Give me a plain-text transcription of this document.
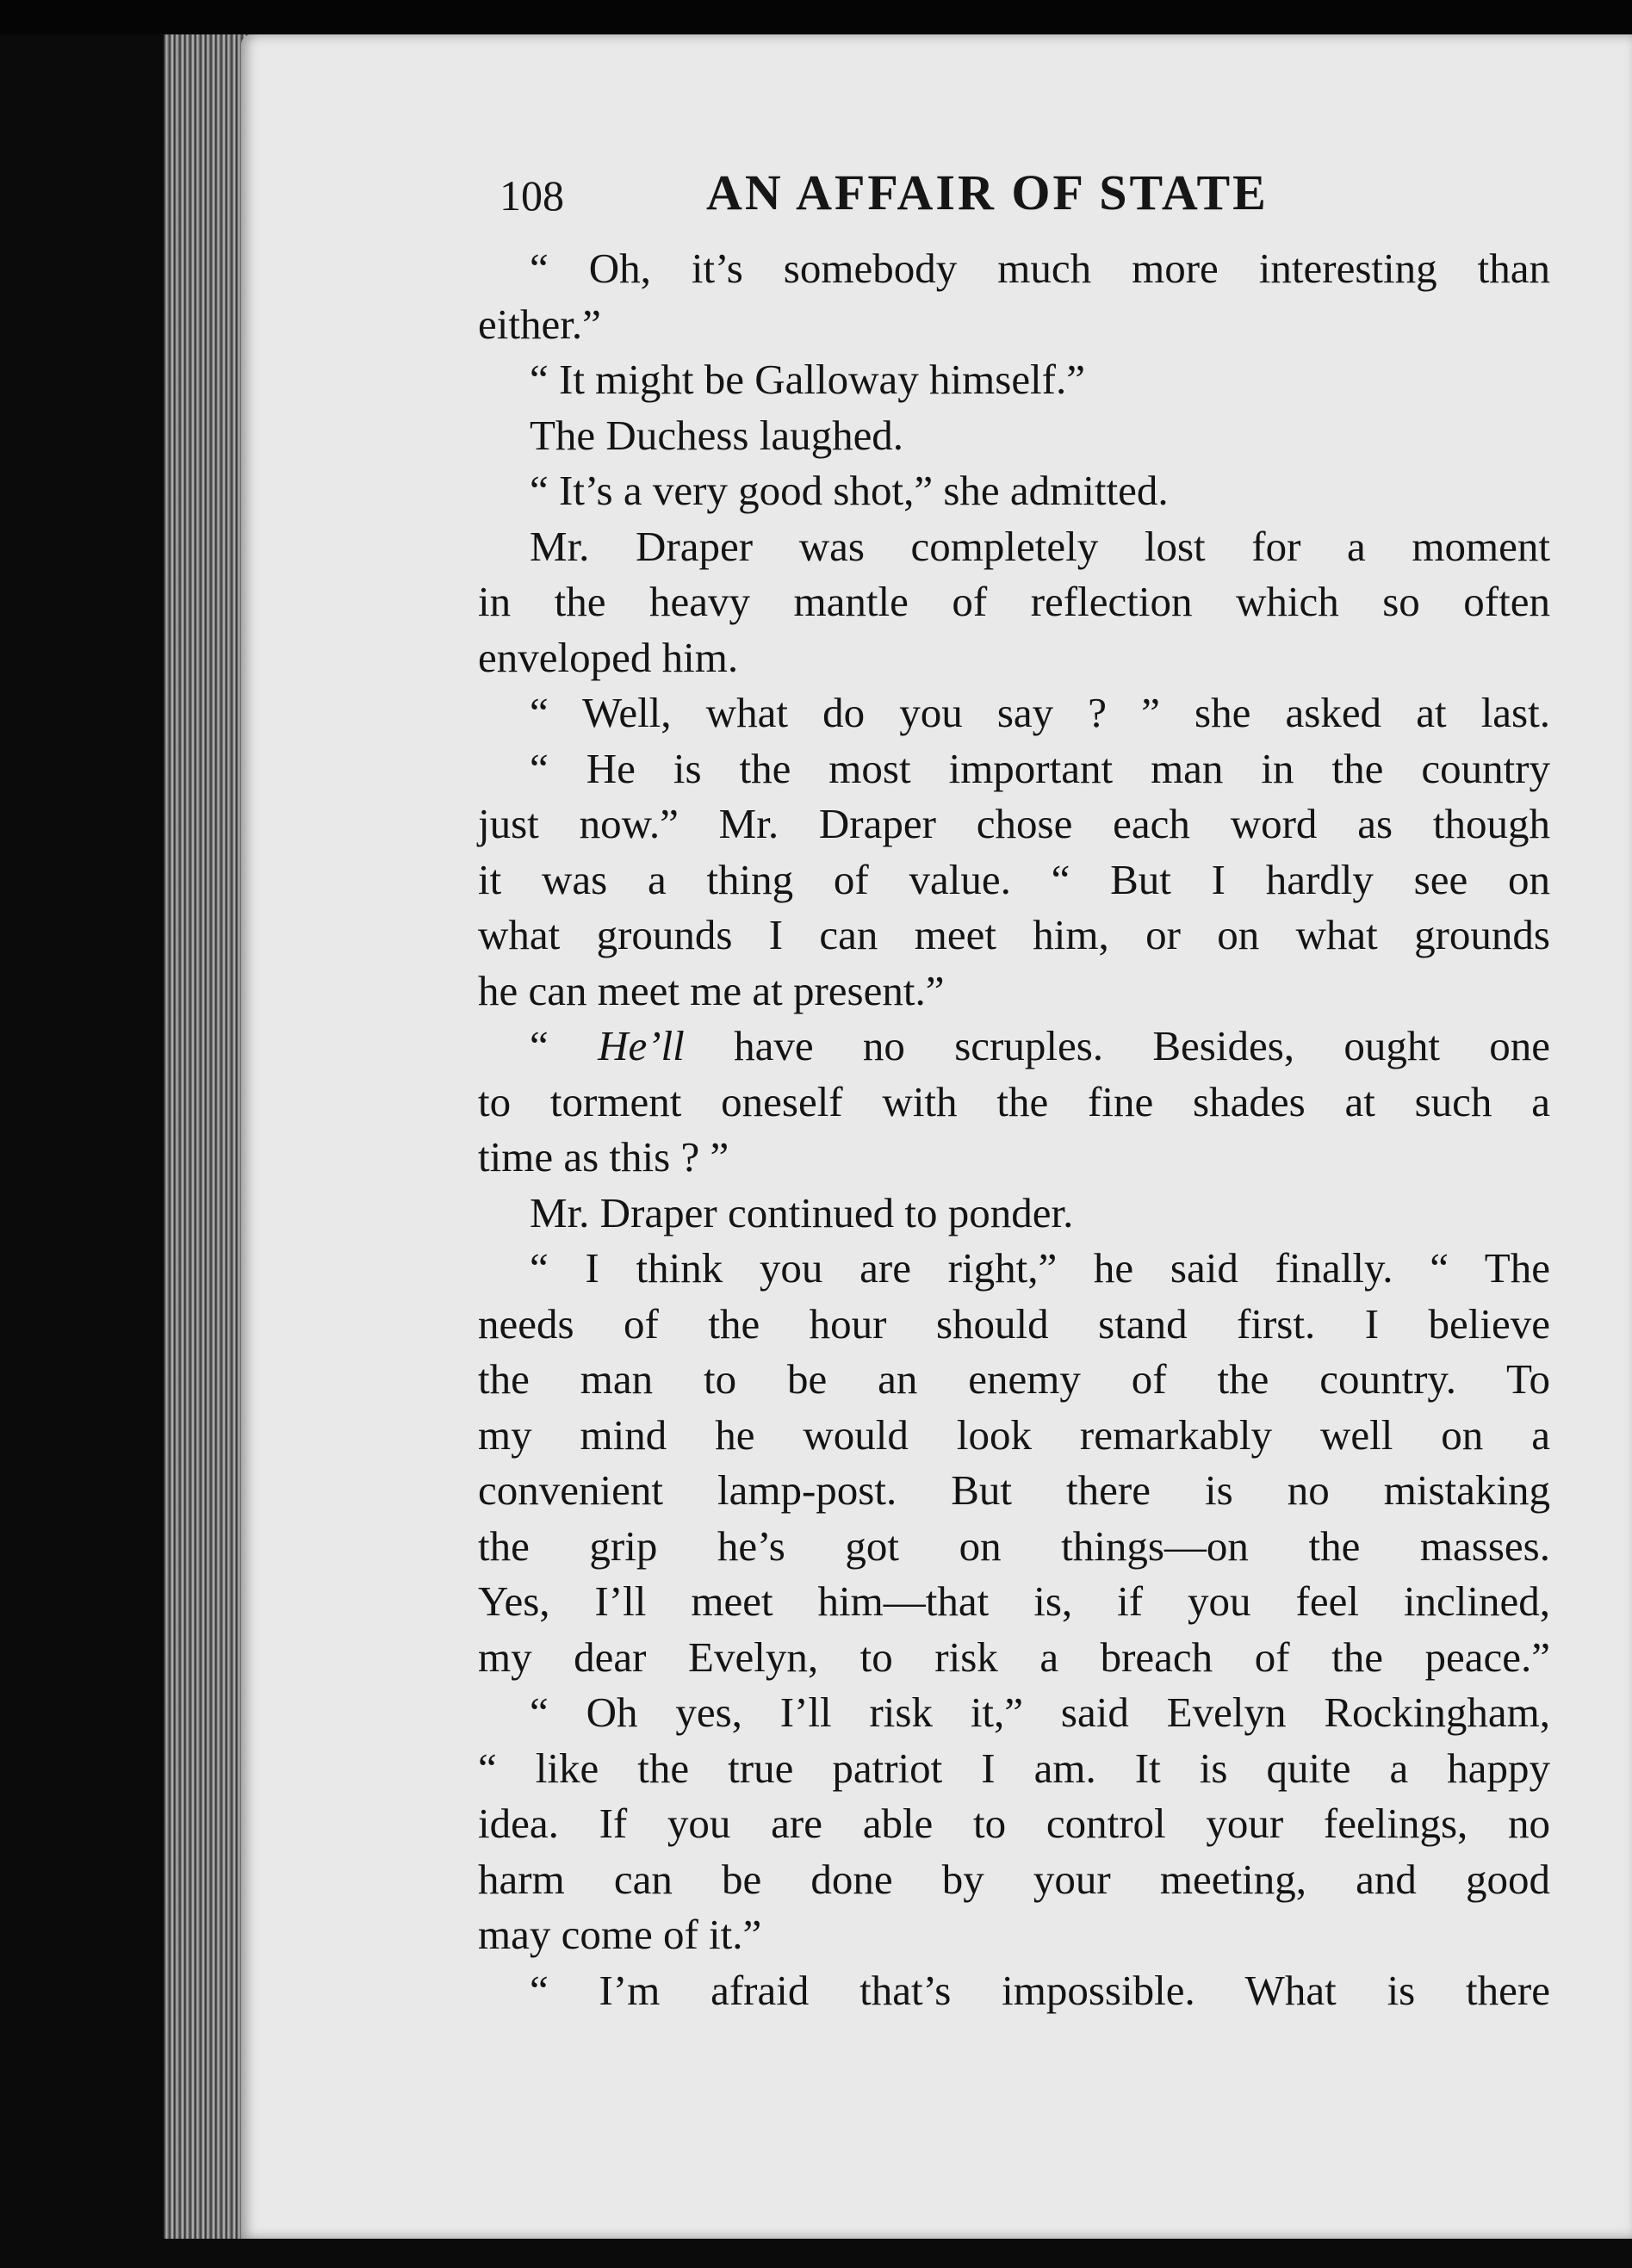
108	AN AFFAIR OF STATE
“ Oh, it’s somebody much more interesting than
either.”
“ It might be Galloway himself.”
The Duchess laughed.
“ It’s a very good shot,” she admitted.
Mr. Draper was completely lost for a moment
in the heavy mantle of reflection which so often
enveloped him.
“ Well, what do you say ? ” she asked at last.
“ He is the most important man in the country
just now.” Mr. Draper chose each word as though
it was a thing of value. “ But I hardly see on
what grounds I can meet him, or on what grounds
he can meet me at present.”
“ He’ll have no scruples. Besides, ought one
to torment oneself with the fine shades at such a
time as this ? ”
Mr. Draper continued to ponder.
“ I think you are right,” he said finally. “ The
needs of the hour should stand first. I believe
the man to be an enemy of the country. To
my mind he would look remarkably well on a
convenient lamp-post. But there is no mistaking
the grip he’s got on things—on the masses.
Yes, I’ll meet him—that is, if you feel inclined,
my dear Evelyn, to risk a breach of the peace.”
“ Oh yes, I’ll risk it,” said Evelyn Rockingham,
“ like the true patriot I am. It is quite a happy
idea. If you are able to control your feelings, no
harm can be done by your meeting, and good
may come of it.”
“ I’m afraid that’s impossible. What is there
